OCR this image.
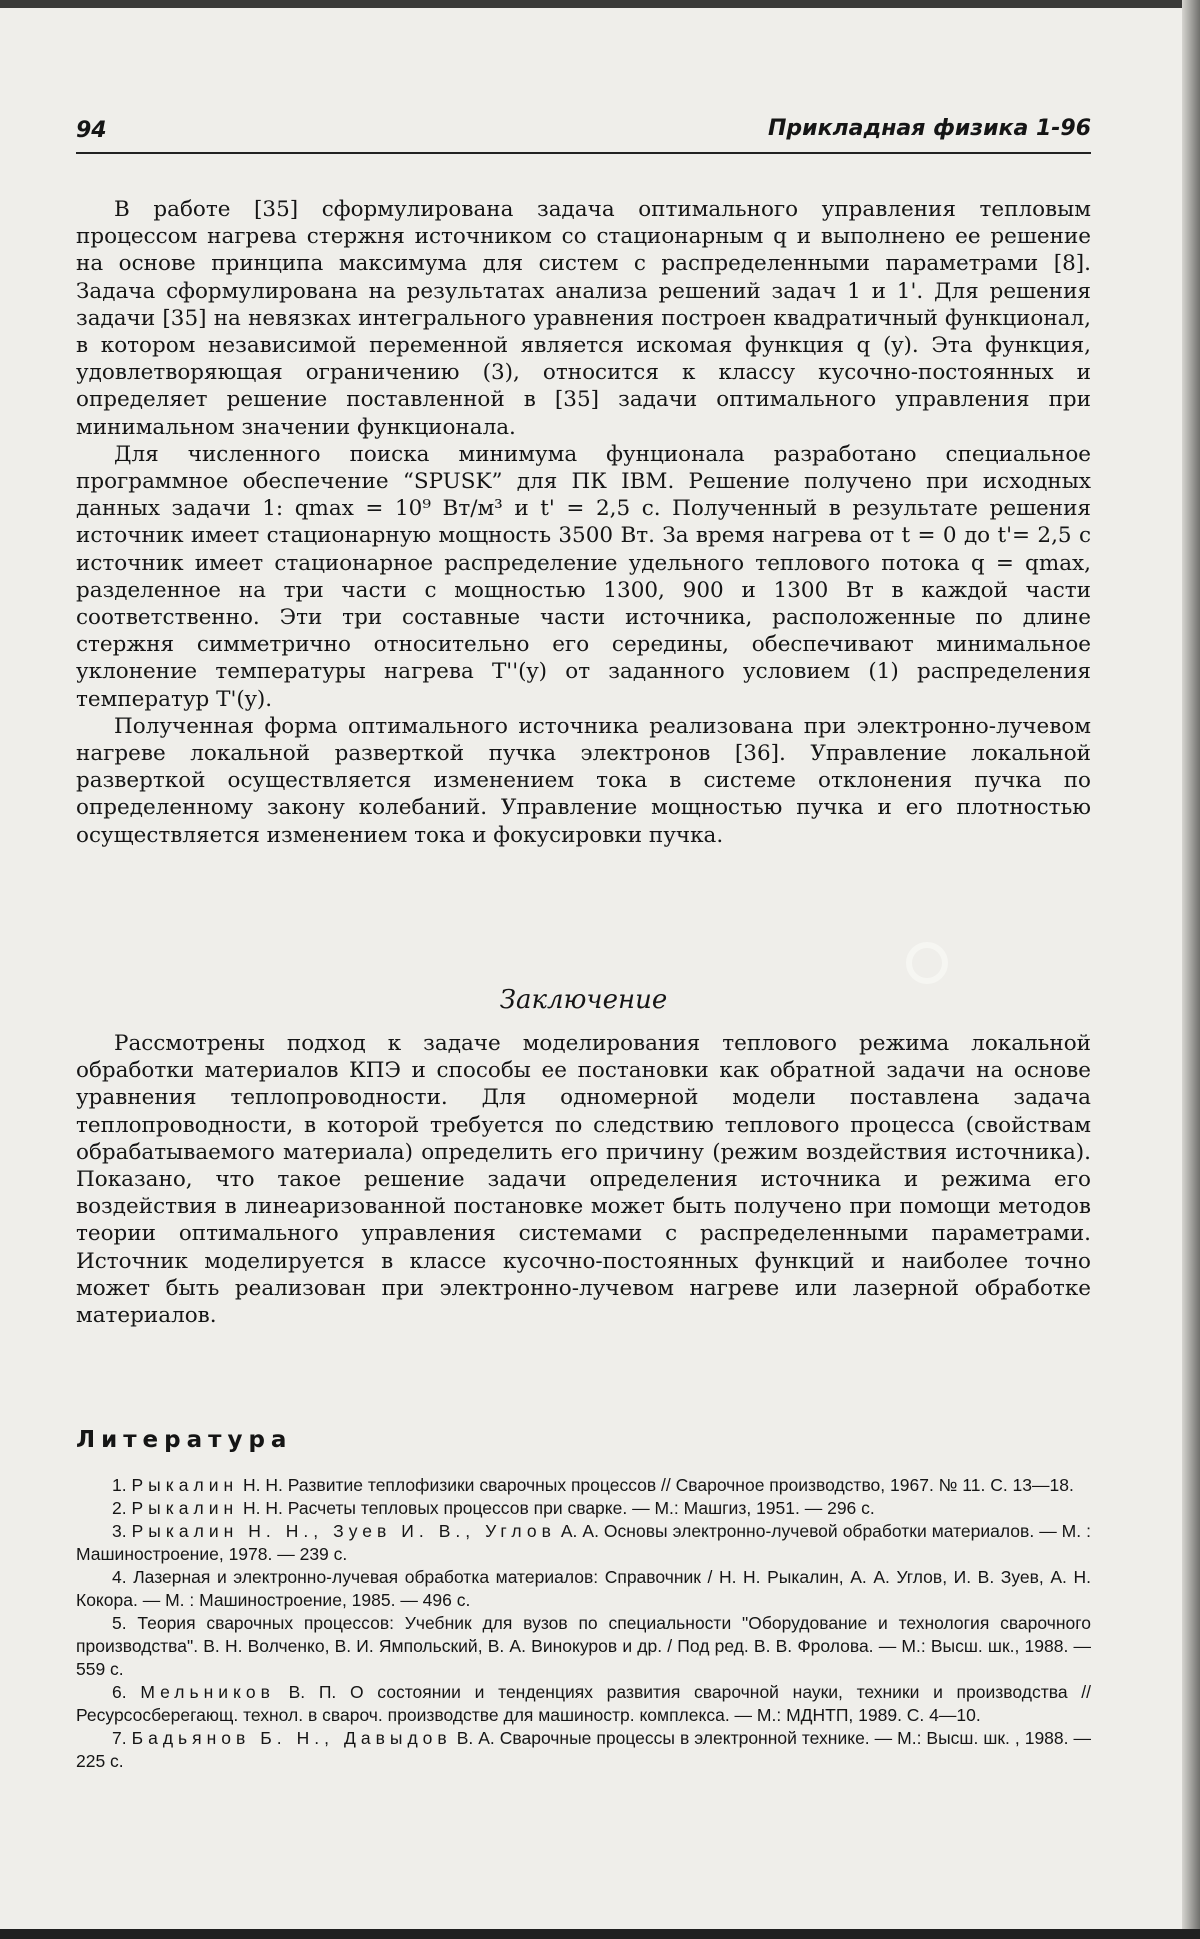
94	Прикладная физика 1-96

В работе [35] сформулирована задача оптимального управления тепловым процессом нагрева стержня источником со стационарным q и выполнено ее решение на основе принципа максимума для систем с распределенными параметрами [8]. Задача сформулирована на результатах анализа решений задач 1 и 1'. Для решения задачи [35] на невязках интегрального уравнения построен квадратичный функционал, в котором независимой переменной является искомая функция q (y). Эта функция, удовлетворяющая ограничению (3), относится к классу кусочно-постоянных и определяет решение поставленной в [35] задачи оптимального управления при минимальном значении функционала.

Для численного поиска минимума фунционала разработано специальное программное обеспечение “SPUSK” для ПК IBM. Решение получено при исходных данных задачи 1: qmax = 10⁹ Вт/м³ и t' = 2,5 с. Полученный в результате решения источник имеет стационарную мощность 3500 Вт. За время нагрева от t = 0 до t'= 2,5 с источник имеет стационарное распределение удельного теплового потока q = qmax, разделенное на три части с мощностью 1300, 900 и 1300 Вт в каждой части соответственно. Эти три составные части источника, расположенные по длине стержня симметрично относительно его середины, обеспечивают минимальное уклонение температуры нагрева T''(y) от заданного условием (1) распределения температур T'(y).

Полученная форма оптимального источника реализована при электронно-лучевом нагреве локальной разверткой пучка электронов [36]. Управление локальной разверткой осуществляется изменением тока в системе отклонения пучка по определенному закону колебаний. Управление мощностью пучка и его плотностью осуществляется изменением тока и фокусировки пучка.

Заключение

Рассмотрены подход к задаче моделирования теплового режима локальной обработки материалов КПЭ и способы ее постановки как обратной задачи на основе уравнения теплопроводности. Для одномерной модели поставлена задача теплопроводности, в которой требуется по следствию теплового процесса (свойствам обрабатываемого материала) определить его причину (режим воздействия источника). Показано, что такое решение задачи определения источника и режима его воздействия в линеаризованной постановке может быть получено при помощи методов теории оптимального управления системами с распределенными параметрами. Источник моделируется в классе кусочно-постоянных функций и наиболее точно может быть реализован при электронно-лучевом нагреве или лазерной обработке материалов.

Литература

1. Рыкалин Н. Н. Развитие теплофизики сварочных процессов // Сварочное производство, 1967. № 11. С. 13—18.

2. Рыкалин Н. Н. Расчеты тепловых процессов при сварке. — М.: Машгиз, 1951. — 296 с.

3. Рыкалин Н. Н., Зуев И. В., Углов А. А. Основы электронно-лучевой обработки материалов. — М. : Машиностроение, 1978. — 239 с.

4. Лазерная и электронно-лучевая обработка материалов: Справочник / Н. Н. Рыкалин, А. А. Углов, И. В. Зуев, А. Н. Кокора. — М. : Машиностроение, 1985. — 496 с.

5. Теория сварочных процессов: Учебник для вузов по специальности "Оборудование и технология сварочного производства". В. Н. Волченко, В. И. Ямпольский, В. А. Винокуров и др. / Под ред. В. В. Фролова. — М.: Высш. шк., 1988. —559 с.

6. Мельников В. П. О состоянии и тенденциях развития сварочной науки, техники и производства // Ресурсосберегающ. технол. в свароч. производстве для машиностр. комплекса. — М.: МДНТП, 1989. С. 4—10.

7. Бадьянов Б. Н., Давыдов В. А. Сварочные процессы в электронной технике. — М.: Высш. шк. , 1988. — 225 с.
